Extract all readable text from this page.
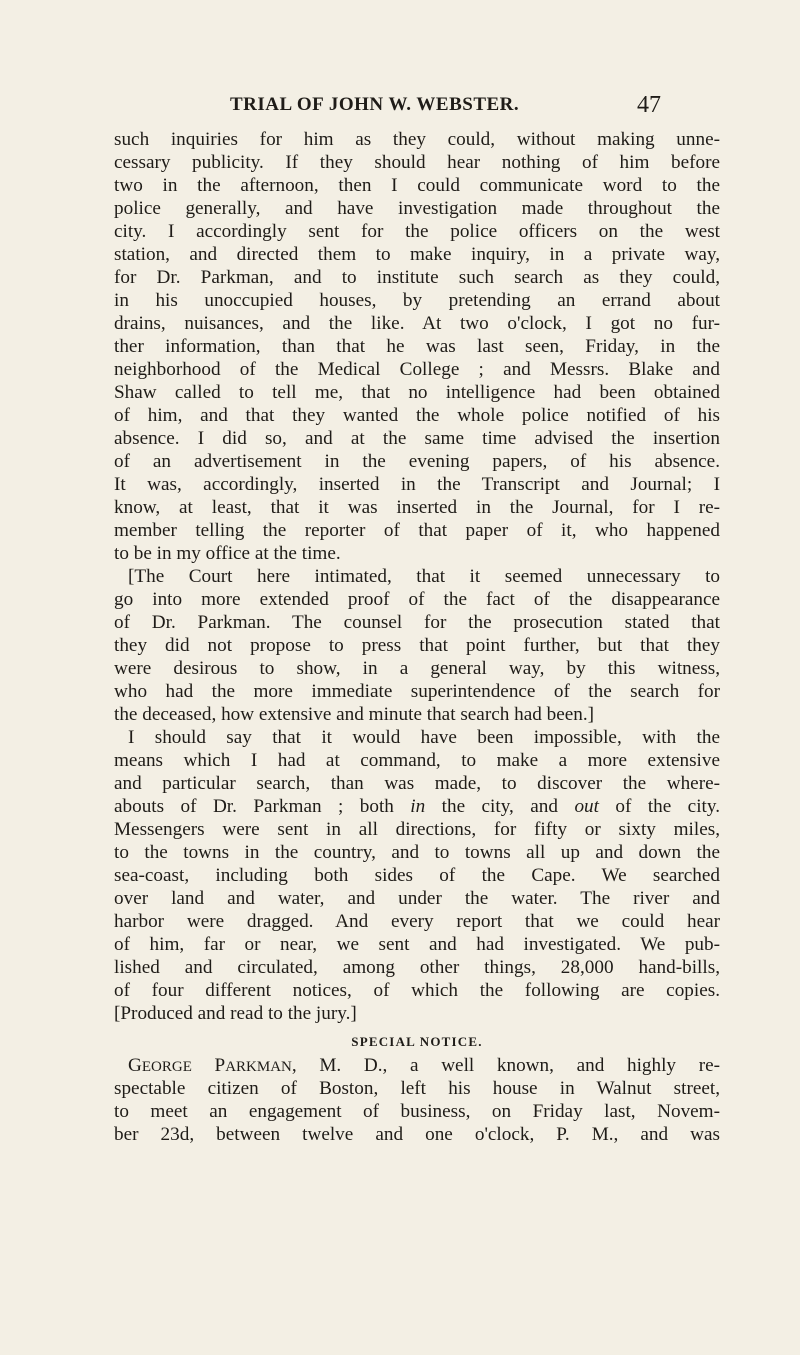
TRIAL OF JOHN W. WEBSTER.	47
such inquiries for him as they could, without making unne-
cessary publicity. If they should hear nothing of him before
two in the afternoon, then I could communicate word to the
police generally, and have investigation made throughout the
city. I accordingly sent for the police officers on the west
station, and directed them to make inquiry, in a private way,
for Dr. Parkman, and to institute such search as they could,
in his unoccupied houses, by pretending an errand about
drains, nuisances, and the like. At two o'clock, I got no fur-
ther information, than that he was last seen, Friday, in the
neighborhood of the Medical College ; and Messrs. Blake and
Shaw called to tell me, that no intelligence had been obtained
of him, and that they wanted the whole police notified of his
absence. I did so, and at the same time advised the insertion
of an advertisement in the evening papers, of his absence.
It was, accordingly, inserted in the Transcript and Journal; I
know, at least, that it was inserted in the Journal, for I re-
member telling the reporter of that paper of it, who happened
to be in my office at the time.
[The Court here intimated, that it seemed unnecessary to
go into more extended proof of the fact of the disappearance
of Dr. Parkman. The counsel for the prosecution stated that
they did not propose to press that point further, but that they
were desirous to show, in a general way, by this witness,
who had the more immediate superintendence of the search for
the deceased, how extensive and minute that search had been.]
I should say that it would have been impossible, with the
means which I had at command, to make a more extensive
and particular search, than was made, to discover the where-
abouts of Dr. Parkman ; both in the city, and out of the city.
Messengers were sent in all directions, for fifty or sixty miles,
to the towns in the country, and to towns all up and down the
sea-coast, including both sides of the Cape. We searched
over land and water, and under the water. The river and
harbor were dragged. And every report that we could hear
of him, far or near, we sent and had investigated. We pub-
lished and circulated, among other things, 28,000 hand-bills,
of four different notices, of which the following are copies.
[Produced and read to the jury.]
SPECIAL NOTICE.
GEORGE PARKMAN, M. D., a well known, and highly re-
spectable citizen of Boston, left his house in Walnut street,
to meet an engagement of business, on Friday last, Novem-
ber 23d, between twelve and one o'clock, P. M., and was
